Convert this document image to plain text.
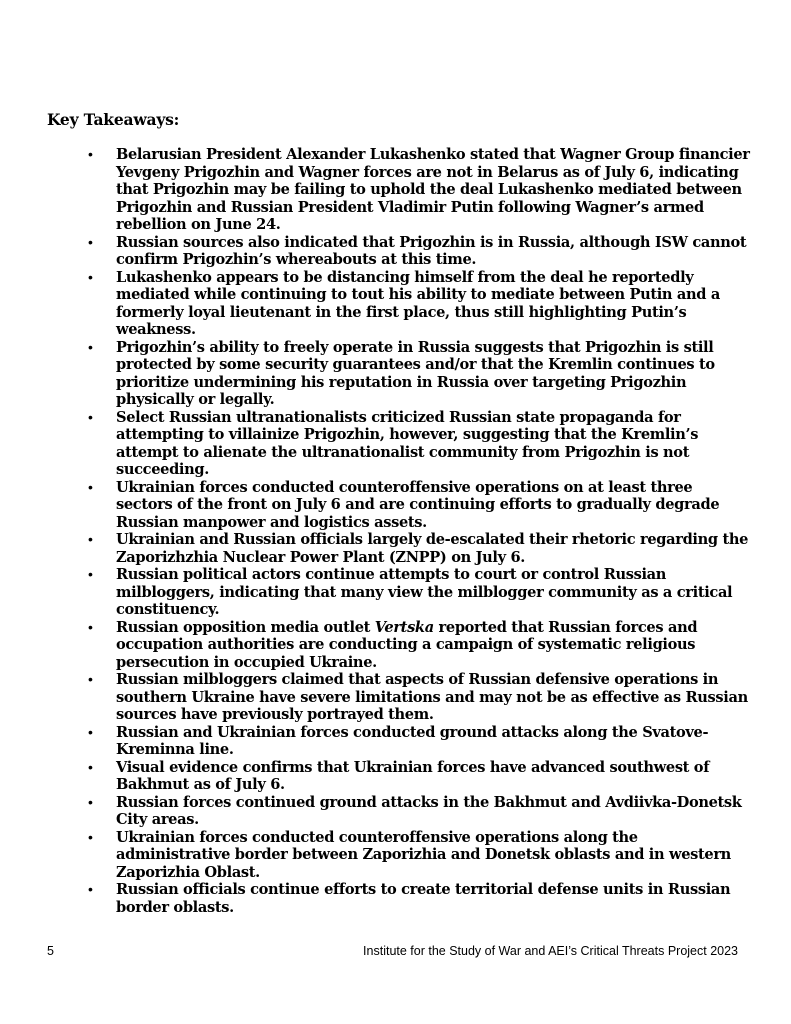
Key Takeaways:
•	Belarusian President Alexander Lukashenko stated that Wagner Group financier Yevgeny Prigozhin and Wagner forces are not in Belarus as of July 6, indicating that Prigozhin may be failing to uphold the deal Lukashenko mediated between Prigozhin and Russian President Vladimir Putin following Wagner’s armed rebellion on June 24.
•	Russian sources also indicated that Prigozhin is in Russia, although ISW cannot confirm Prigozhin’s whereabouts at this time.
•	Lukashenko appears to be distancing himself from the deal he reportedly mediated while continuing to tout his ability to mediate between Putin and a formerly loyal lieutenant in the first place, thus still highlighting Putin’s weakness.
•	Prigozhin’s ability to freely operate in Russia suggests that Prigozhin is still protected by some security guarantees and/or that the Kremlin continues to prioritize undermining his reputation in Russia over targeting Prigozhin physically or legally.
•	Select Russian ultranationalists criticized Russian state propaganda for attempting to villainize Prigozhin, however, suggesting that the Kremlin’s attempt to alienate the ultranationalist community from Prigozhin is not succeeding.
•	Ukrainian forces conducted counteroffensive operations on at least three sectors of the front on July 6 and are continuing efforts to gradually degrade Russian manpower and logistics assets.
•	Ukrainian and Russian officials largely de-escalated their rhetoric regarding the Zaporizhzhia Nuclear Power Plant (ZNPP) on July 6.
•	Russian political actors continue attempts to court or control Russian milbloggers, indicating that many view the milblogger community as a critical constituency.
•	Russian opposition media outlet Vertska reported that Russian forces and occupation authorities are conducting a campaign of systematic religious persecution in occupied Ukraine.
•	Russian milbloggers claimed that aspects of Russian defensive operations in southern Ukraine have severe limitations and may not be as effective as Russian sources have previously portrayed them.
•	Russian and Ukrainian forces conducted ground attacks along the Svatove-Kreminna line.
•	Visual evidence confirms that Ukrainian forces have advanced southwest of Bakhmut as of July 6.
•	Russian forces continued ground attacks in the Bakhmut and Avdiivka-Donetsk City areas.
•	Ukrainian forces conducted counteroffensive operations along the administrative border between Zaporizhia and Donetsk oblasts and in western Zaporizhia Oblast.
•	Russian officials continue efforts to create territorial defense units in Russian border oblasts.
5	Institute for the Study of War and AEI’s Critical Threats Project 2023
